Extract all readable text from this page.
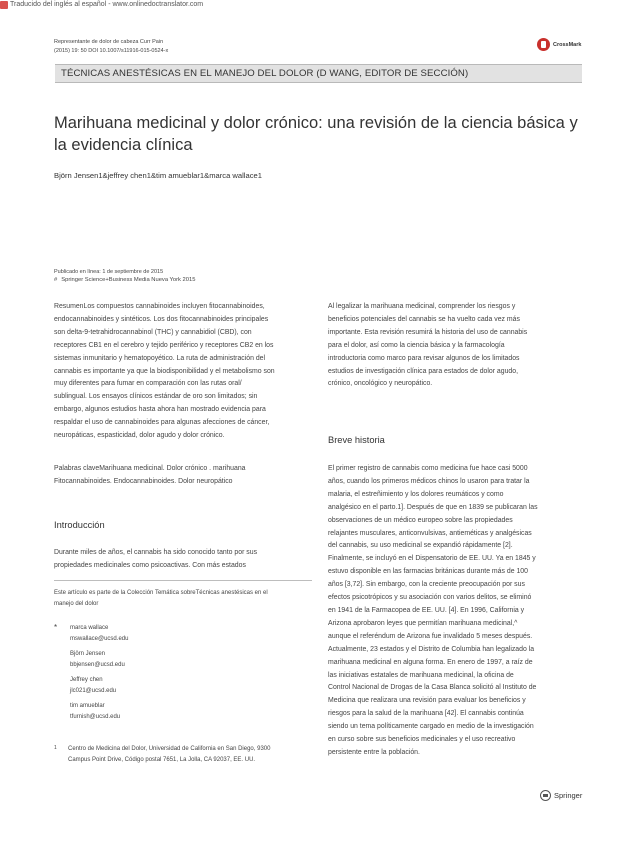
Traducido del inglés al español - www.onlinedoctranslator.com
Representante de dolor de cabeza Curr Pain
(2015) 19: 50 DOI 10.1007/s11916-015-0524-x
CrossMark
TÉCNICAS ANESTÉSICAS EN EL MANEJO DEL DOLOR (D WANG, EDITOR DE SECCIÓN)
Marihuana medicinal y dolor crónico: una revisión de la ciencia básica y
la evidencia clínica
Björn Jensen1&jeffrey chen1&tim amueblar1&marca wallace1
Publicado en línea: 1 de septiembre de 2015
# Springer Science+Business Media Nueva York 2015
ResumenLos compuestos cannabinoides incluyen fitocannabinoides,
endocannabinoides y sintéticos. Los dos fitocannabinoides principales
son delta-9-tetrahidrocannabinol (THC) y cannabidiol (CBD), con
receptores CB1 en el cerebro y tejido periférico y receptores CB2 en los
sistemas inmunitario y hematopoyético. La ruta de administración del
cannabis es importante ya que la biodisponibilidad y el metabolismo son
muy diferentes para fumar en comparación con las rutas oral/
sublingual. Los ensayos clínicos estándar de oro son limitados; sin
embargo, algunos estudios hasta ahora han mostrado evidencia para
respaldar el uso de cannabinoides para algunas afecciones de cáncer,
neuropáticas, espasticidad, dolor agudo y dolor crónico.
Palabras claveMarihuana medicinal. Dolor crónico . marihuana
Fitocannabinoides. Endocannabinoides. Dolor neuropático
Introducción
Durante miles de años, el cannabis ha sido conocido tanto por sus
propiedades medicinales como psicoactivas. Con más estados
Este artículo es parte de la Colección Temática sobreTécnicas anestésicas en el
manejo del dolor
* marca wallace
mswallace@ucsd.edu
Björn Jensen
bbjensen@ucsd.edu
Jeffrey chen
jlc021@ucsd.edu
tim amueblar
tfurnish@ucsd.edu
1 Centro de Medicina del Dolor, Universidad de California en San Diego, 9300
Campus Point Drive, Código postal 7651, La Jolla, CA 92037, EE. UU.
Al legalizar la marihuana medicinal, comprender los riesgos y
beneficios potenciales del cannabis se ha vuelto cada vez más
importante. Esta revisión resumirá la historia del uso de cannabis
para el dolor, así como la ciencia básica y la farmacología
introductoria como marco para revisar algunos de los limitados
estudios de investigación clínica para estados de dolor agudo,
crónico, oncológico y neuropático.
Breve historia
El primer registro de cannabis como medicina fue hace casi 5000
años, cuando los primeros médicos chinos lo usaron para tratar la
malaria, el estreñimiento y los dolores reumáticos y como
analgésico en el parto.1]. Después de que en 1839 se publicaran las
observaciones de un médico europeo sobre las propiedades
relajantes musculares, anticonvulsivas, antieméticas y analgésicas
del cannabis, su uso medicinal se expandió rápidamente [2].
Finalmente, se incluyó en el Dispensatorio de EE. UU. Ya en 1845 y
estuvo disponible en las farmacias británicas durante más de 100
años [3,72]. Sin embargo, con la creciente preocupación por sus
efectos psicotrópicos y su asociación con varios delitos, se eliminó
en 1941 de la Farmacopea de EE. UU. [4]. En 1996, California y
Arizona aprobaron leyes que permitían marihuana medicinal,^
aunque el referéndum de Arizona fue invalidado 5 meses después.
Actualmente, 23 estados y el Distrito de Columbia han legalizado la
marihuana medicinal en alguna forma. En enero de 1997, a raíz de
las iniciativas estatales de marihuana medicinal, la oficina de
Control Nacional de Drogas de la Casa Blanca solicitó al Instituto de
Medicina que realizara una revisión para evaluar los beneficios y
riesgos para la salud de la marihuana [42]. El cannabis continúa
siendo un tema políticamente cargado en medio de la investigación
en curso sobre sus beneficios medicinales y el uso recreativo
persistente entre la población.
Springer
